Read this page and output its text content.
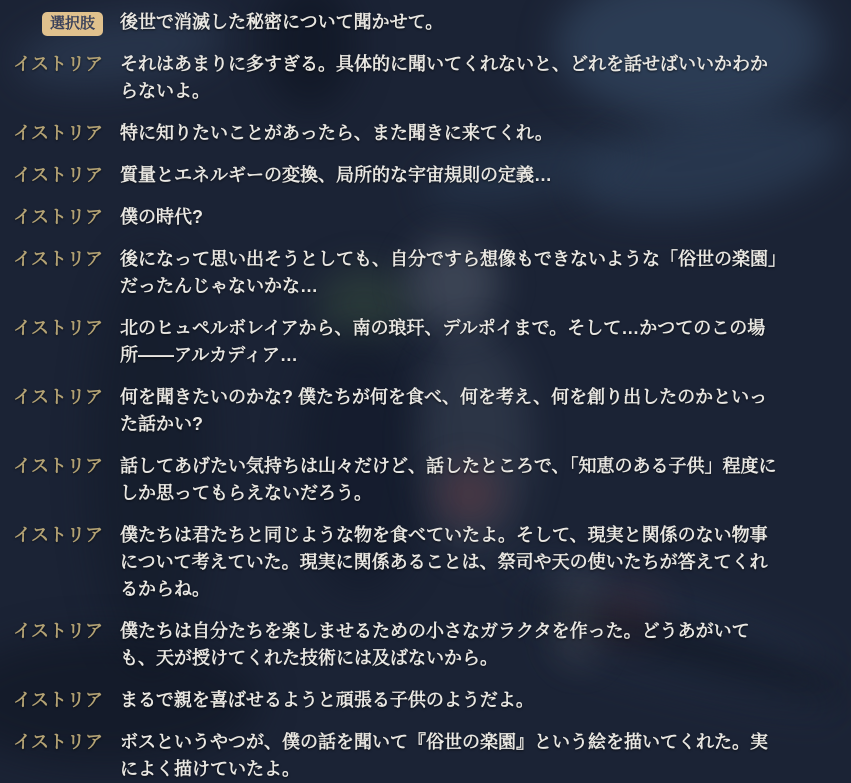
選択肢	後世で消滅した秘密について聞かせて。
イストリア それはあまりに多すぎる。具体的に聞いてくれないと、どれを話せばいいかわからないよ。
イストリア 特に知りたいことがあったら、また聞きに来てくれ。
イストリア 質量とエネルギーの変換、局所的な宇宙規則の定義…
イストリア 僕の時代?
イストリア 後になって思い出そうとしても、自分ですら想像もできないような「俗世の楽園」だったんじゃないかな…
イストリア 北のヒュペルボレイアから、南の琅玕、デルポイまで。そして…かつてのこの場所——アルカディア…
イストリア 何を聞きたいのかな? 僕たちが何を食べ、何を考え、何を創り出したのかといった話かい?
イストリア 話してあげたい気持ちは山々だけど、話したところで、「知恵のある子供」程度にしか思ってもらえないだろう。
イストリア 僕たちは君たちと同じような物を食べていたよ。そして、現実と関係のない物事について考えていた。現実に関係あることは、祭司や天の使いたちが答えてくれるからね。
イストリア 僕たちは自分たちを楽しませるための小さなガラクタを作った。どうあがいても、天が授けてくれた技術には及ばないから。
イストリア まるで親を喜ばせるようと頑張る子供のようだよ。
イストリア ボスというやつが、僕の話を聞いて『俗世の楽園』という絵を描いてくれた。実によく描けていたよ。
